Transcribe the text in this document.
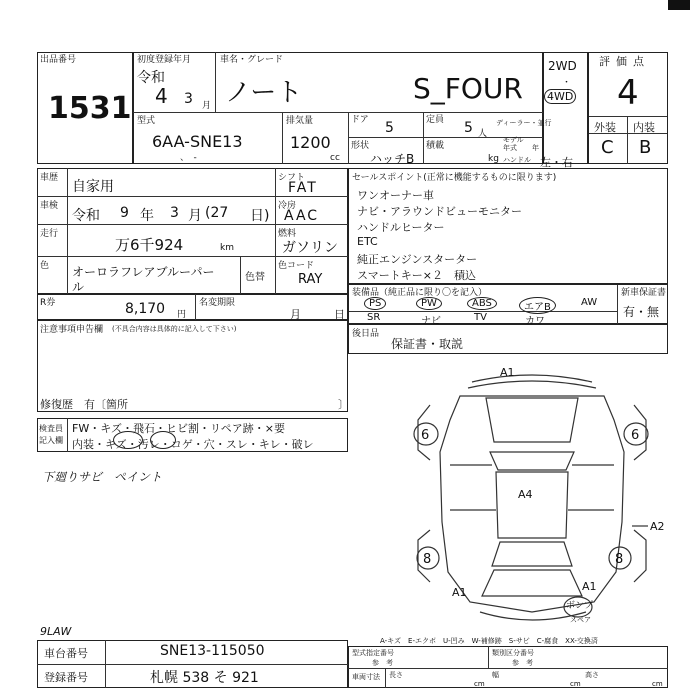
出品番号
1531
初度登録年月
令和
4 3 月
車名・グレード
ノート	S_FOUR
2WD
・
4WD
評価点
4
外装 内装
C B
型式
6AA-SNE13
、　-
排気量
1200
cc
ドア 5	定員 5 人
ディーラー・並行
形状
ハッチB
積載
kg
モデル
年式 年
ハンドル 左・右
車歴
自家用
車検
令和 9 年 3 月 (27 日)
走行
万6千924	km
色 オーロラフレアブルーパー
ル
色替
シフト
FAT
冷房
AAC
燃料
ガソリン
色コード
RAY
R券	8,170 円
名変期限
月	日
注意事項申告欄 (不具合内容は具体的に記入して下さい)
修復歴　有〔箇所	〕
検査員
記入欄
FW・キズ・飛石・ヒビ割・リペア跡・×要
内装・キズ・汚レ・コゲ・穴・スレ・キレ・破レ
下廻りサビ　ペイント
9LAW
セールスポイント(正常に機能するものに限ります)
ワンオーナー車
ナビ・アラウンドビューモニター
ハンドルヒーター
ETC
純正エンジンスターター
スマートキー×２　積込
装備品（純正品に限り〇を記入）	新車保証書
有・無
PS	PW	ABS	エアB	AW
SR	ナビ	TV	カワ
後日品
保証書・取説
A1
6	6
A4
A2
8	8
A1	A1
ボンプ
スペア
A-キズ　E-エクボ　U-凹み　W-補修跡　S-サビ　C-腐食　XX-交換済
車台番号	SNE13-115050
登録番号	札幌 538 そ 921
型式指定番号
参　考
類別区分番号
参　考
車両寸法 長さ
cm
幅
cm
高さ
cm
